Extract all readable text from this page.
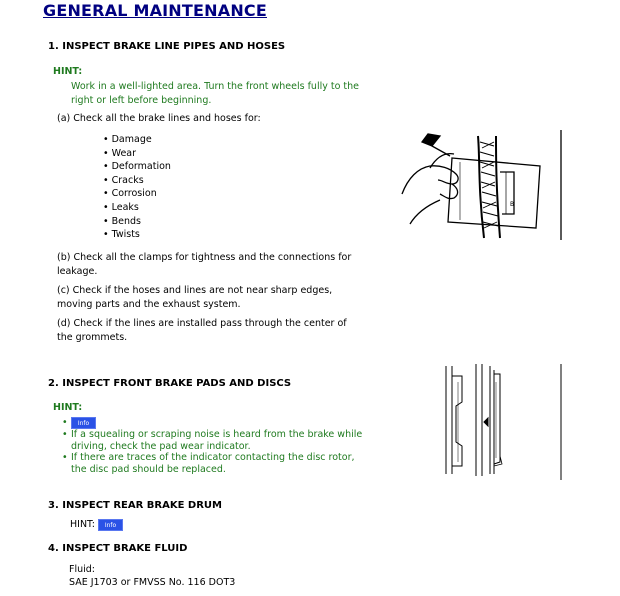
GENERAL MAINTENANCE
1. INSPECT BRAKE LINE PIPES AND HOSES
HINT:
Work in a well-lighted area. Turn the front wheels fully to the right or left before beginning.
(a) Check all the brake lines and hoses for:
• Damage
• Wear
• Deformation
• Cracks
• Corrosion
• Leaks
• Bends
• Twists
(b) Check all the clamps for tightness and the connections for leakage.
(c) Check if the hoses and lines are not near sharp edges, moving parts and the exhaust system.
(d) Check if the lines are installed pass through the center of the grommets.
B
2. INSPECT FRONT BRAKE PADS AND DISCS
HINT:
• Info
• If a squealing or scraping noise is heard from the brake while driving, check the pad wear indicator.
• If there are traces of the indicator contacting the disc rotor, the disc pad should be replaced.
3. INSPECT REAR BRAKE DRUM
HINT: Info
4. INSPECT BRAKE FLUID
Fluid:
SAE J1703 or FMVSS No. 116 DOT3
